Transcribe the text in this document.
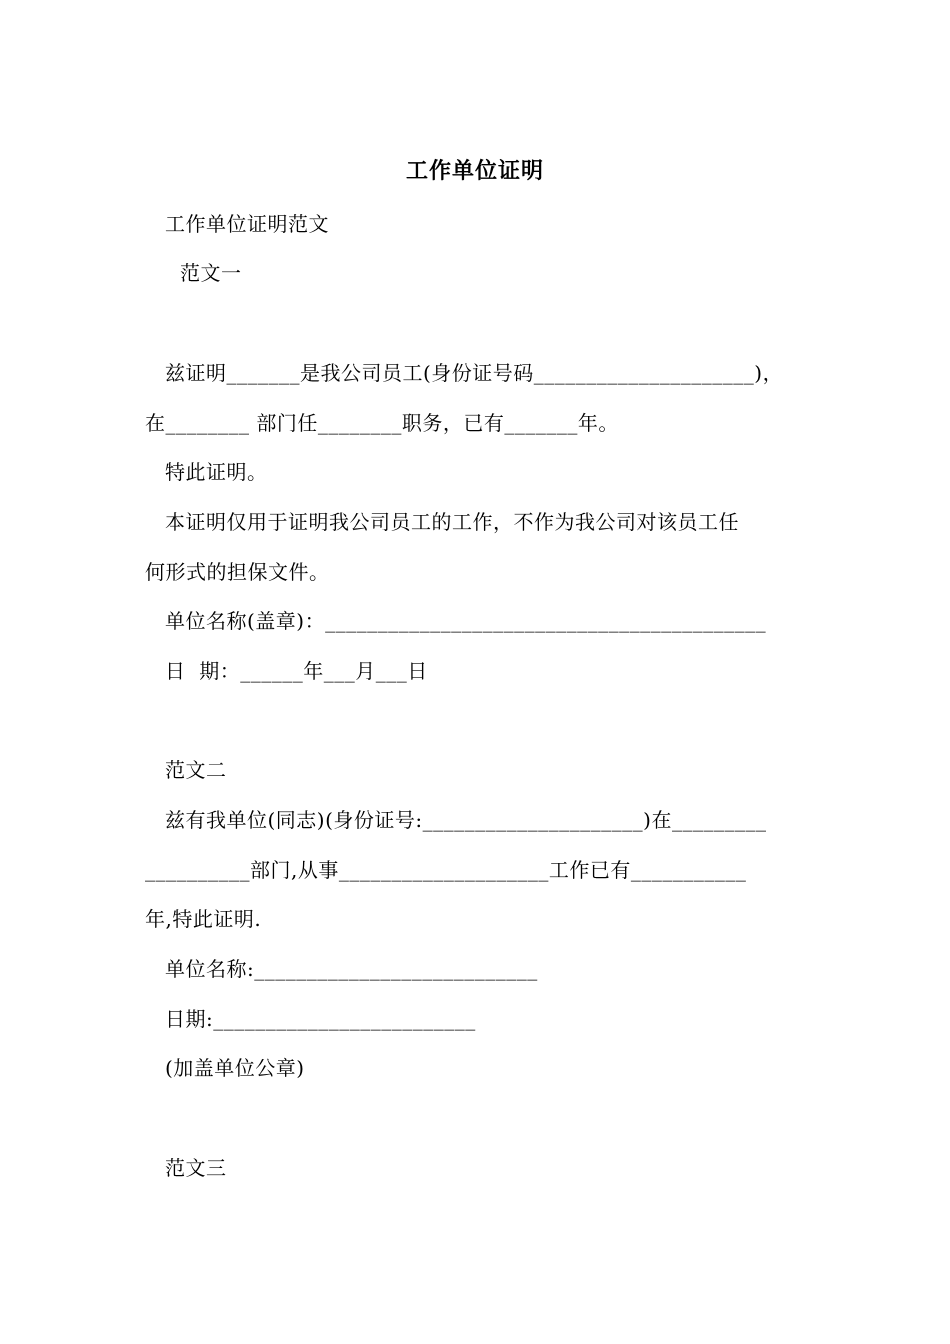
工作单位证明
工作单位证明范文
范文一
兹证明_______是我公司员工(身份证号码_____________________)，
在________ 部门任________职务，已有_______年。
特此证明。
本证明仅用于证明我公司员工的工作，不作为我公司对该员工任
何形式的担保文件。
单位名称(盖章)：__________________________________________
日  期：______年___月___日
范文二
兹有我单位(同志)(身份证号:_____________________)在_________
__________部门,从事____________________工作已有___________
年,特此证明.
单位名称:___________________________
日期:_________________________
(加盖单位公章)
范文三
